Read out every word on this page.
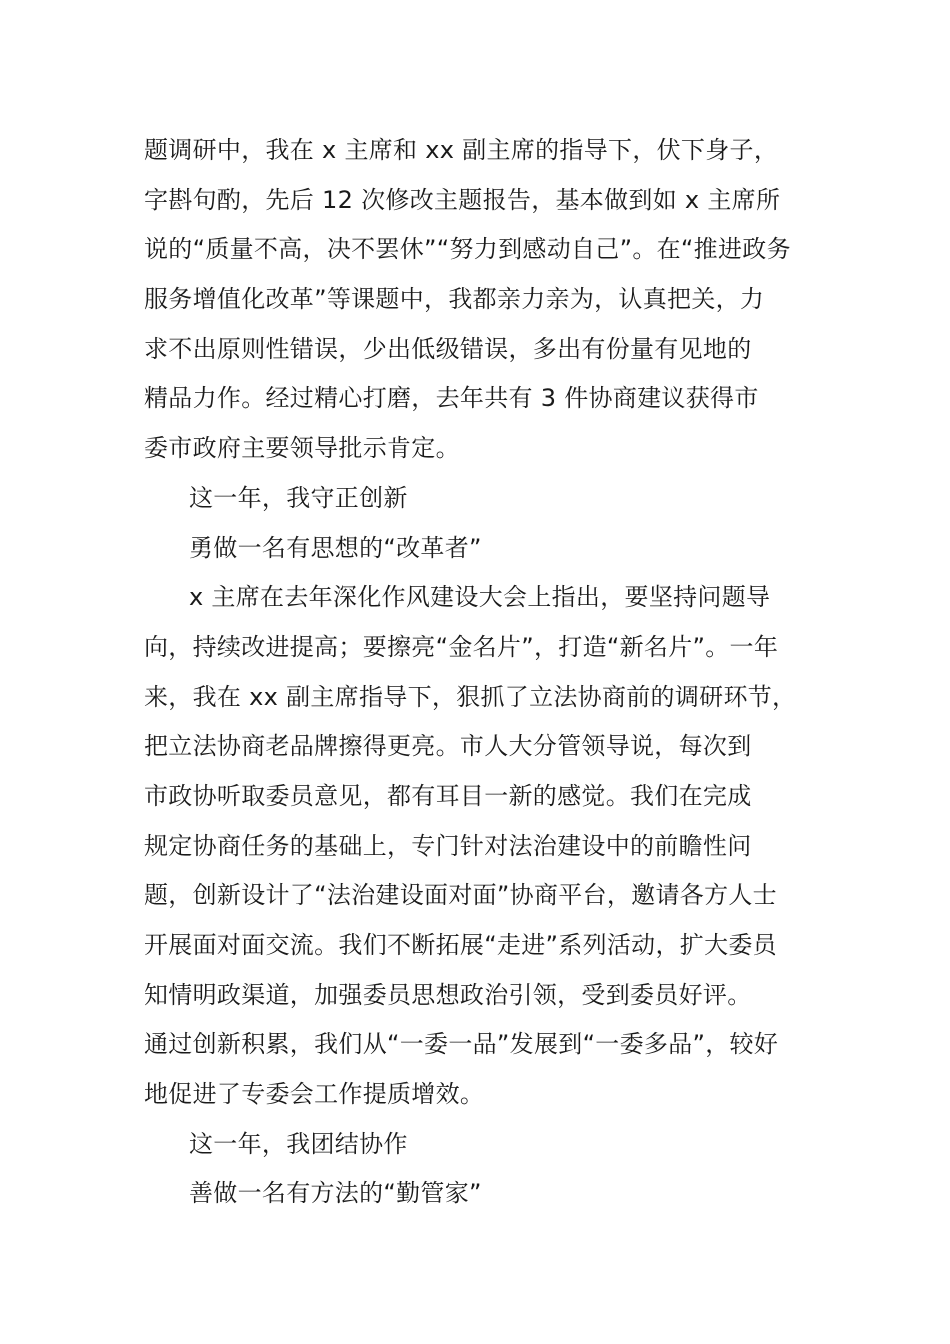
题调研中，我在 x 主席和 xx 副主席的指导下，伏下身子，
字斟句酌，先后 12 次修改主题报告，基本做到如 x 主席所
说的“质量不高，决不罢休”“努力到感动自己”。在“推进政务
服务增值化改革”等课题中，我都亲力亲为，认真把关，力
求不出原则性错误，少出低级错误，多出有份量有见地的
精品力作。经过精心打磨，去年共有 3 件协商建议获得市
委市政府主要领导批示肯定。
这一年，我守正创新
勇做一名有思想的“改革者”
x 主席在去年深化作风建设大会上指出，要坚持问题导
向，持续改进提高；要擦亮“金名片”，打造“新名片”。一年
来，我在 xx 副主席指导下，狠抓了立法协商前的调研环节，
把立法协商老品牌擦得更亮。市人大分管领导说，每次到
市政协听取委员意见，都有耳目一新的感觉。我们在完成
规定协商任务的基础上，专门针对法治建设中的前瞻性问
题，创新设计了“法治建设面对面”协商平台，邀请各方人士
开展面对面交流。我们不断拓展“走进”系列活动，扩大委员
知情明政渠道，加强委员思想政治引领，受到委员好评。
通过创新积累，我们从“一委一品”发展到“一委多品”，较好
地促进了专委会工作提质增效。
这一年，我团结协作
善做一名有方法的“勤管家”
